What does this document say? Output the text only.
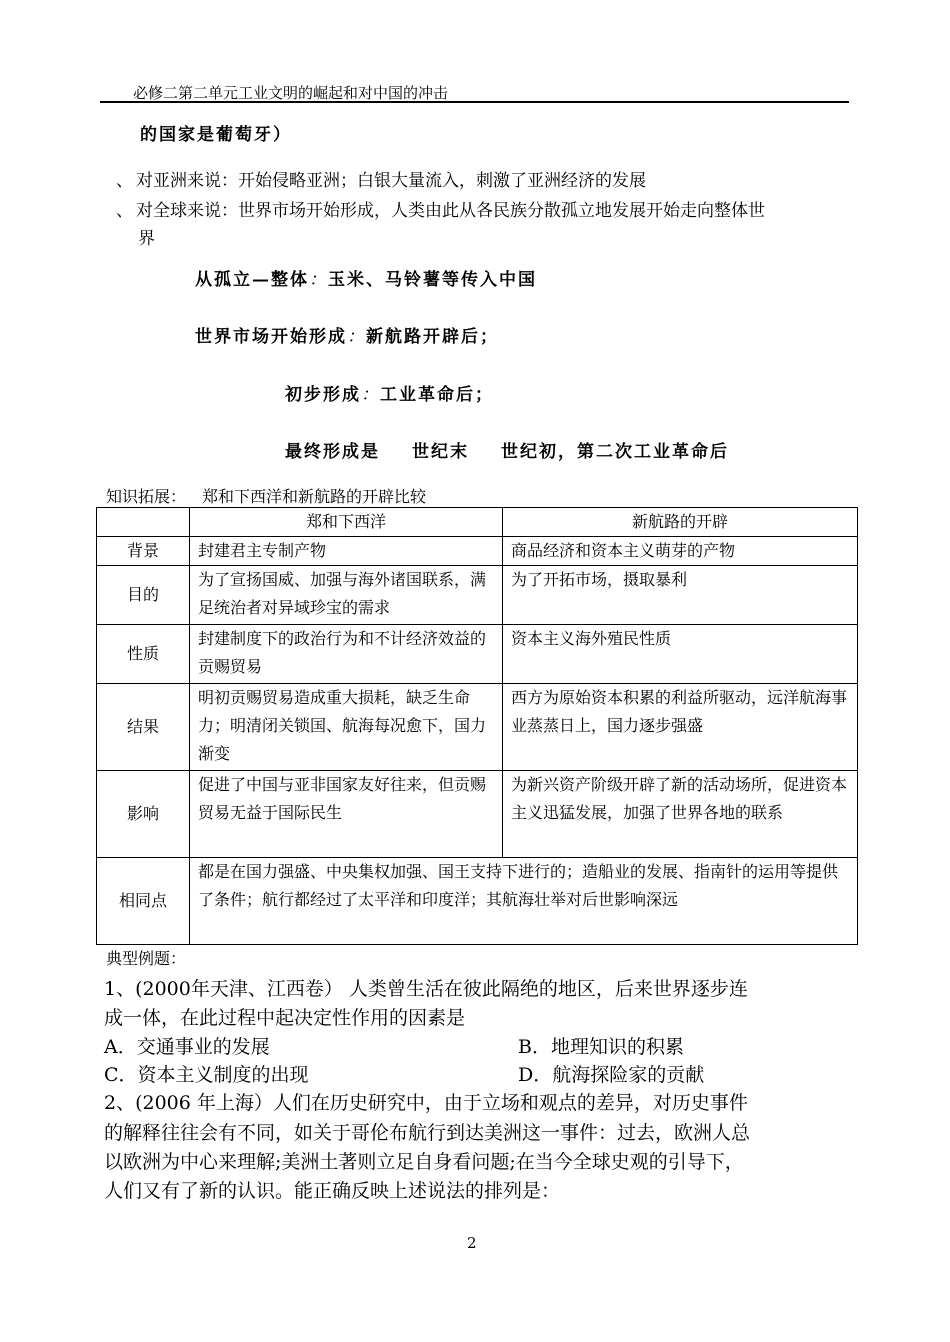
必修二第二单元工业文明的崛起和对中国的冲击
的国家是葡萄牙）
、 对亚洲来说：开始侵略亚洲；白银大量流入，刺激了亚洲经济的发展
、 对全球来说：世界市场开始形成，人类由此从各民族分散孤立地发展开始走向整体世
界
从孤立—整体：玉米、马铃薯等传入中国
世界市场开始形成：新航路开辟后；
初步形成：工业革命后；
最终形成是 世纪末 世纪初，第二次工业革命后
知识拓展： 郑和下西洋和新航路的开辟比较
	郑和下西洋	新航路的开辟
背景	封建君主专制产物	商品经济和资本主义萌芽的产物
目的	为了宣扬国威、加强与海外诸国联系，满足统治者对异域珍宝的需求	为了开拓市场，摄取暴利
性质	封建制度下的政治行为和不计经济效益的贡赐贸易	资本主义海外殖民性质
结果	明初贡赐贸易造成重大损耗，缺乏生命力；明清闭关锁国、航海每况愈下，国力渐变	西方为原始资本积累的利益所驱动，远洋航海事业蒸蒸日上，国力逐步强盛
影响	促进了中国与亚非国家友好往来，但贡赐贸易无益于国际民生	为新兴资产阶级开辟了新的活动场所，促进资本主义迅猛发展，加强了世界各地的联系
相同点	都是在国力强盛、中央集权加强、国王支持下进行的；造船业的发展、指南针的运用等提供了条件；航行都经过了太平洋和印度洋；其航海壮举对后世影响深远	
典型例题：
1、(2000年天津、江西卷） 人类曾生活在彼此隔绝的地区，后来世界逐步连
成一体，在此过程中起决定性作用的因素是
A．交通事业的发展	B．地理知识的积累
C．资本主义制度的出现	D．航海探险家的贡献
2、(2006 年上海）人们在历史研究中，由于立场和观点的差异，对历史事件
的解释往往会有不同，如关于哥伦布航行到达美洲这一事件：过去，欧洲人总
以欧洲为中心来理解;美洲土著则立足自身看问题;在当今全球史观的引导下，
人们又有了新的认识。能正确反映上述说法的排列是：
2
